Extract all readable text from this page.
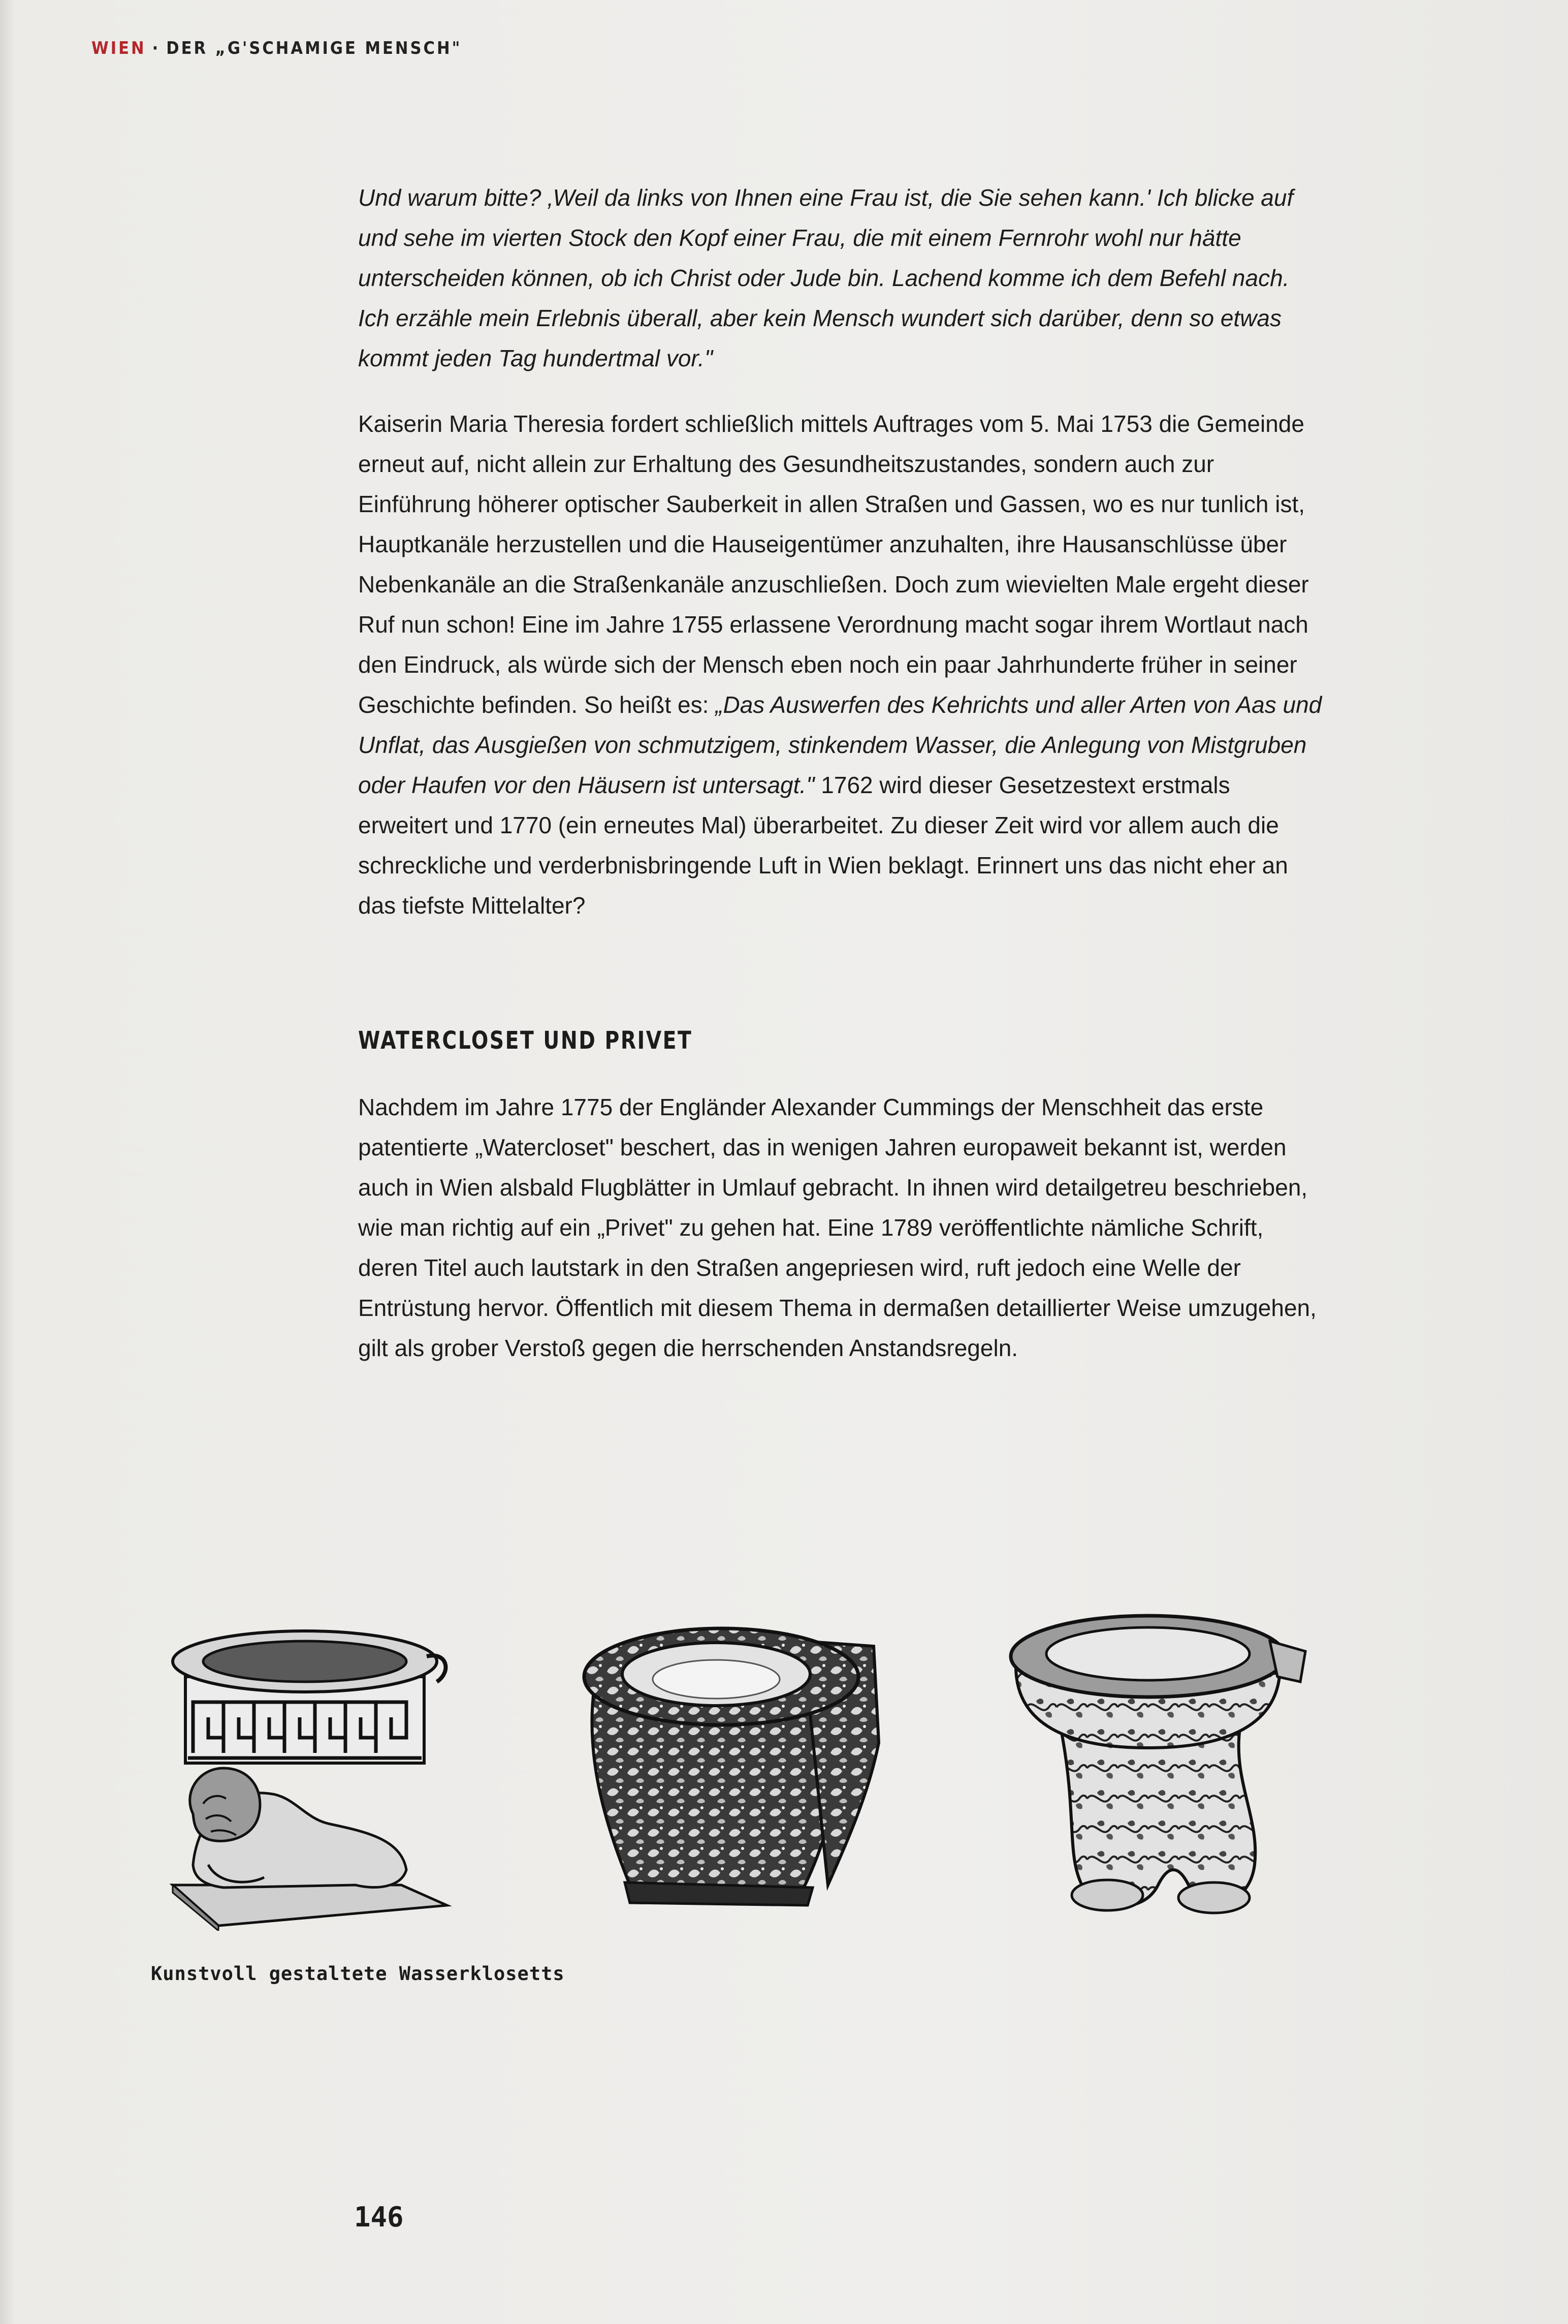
WIEN · DER „G'SCHAMIGE MENSCH"

Und warum bitte? ‚Weil da links von Ihnen eine Frau ist, die Sie sehen kann.' Ich blicke auf und sehe im vierten Stock den Kopf einer Frau, die mit einem Fernrohr wohl nur hätte unterscheiden können, ob ich Christ oder Jude bin. Lachend komme ich dem Befehl nach. Ich erzähle mein Erlebnis überall, aber kein Mensch wundert sich darüber, denn so etwas kommt jeden Tag hundertmal vor."

Kaiserin Maria Theresia fordert schließlich mittels Auftrages vom 5. Mai 1753 die Gemeinde erneut auf, nicht allein zur Erhaltung des Gesundheitszustandes, sondern auch zur Einführung höherer optischer Sauberkeit in allen Straßen und Gassen, wo es nur tunlich ist, Hauptkanäle herzustellen und die Hauseigentümer anzuhalten, ihre Hausanschlüsse über Nebenkanäle an die Straßenkanäle anzuschließen. Doch zum wievielten Male ergeht dieser Ruf nun schon! Eine im Jahre 1755 erlassene Verordnung macht sogar ihrem Wortlaut nach den Eindruck, als würde sich der Mensch eben noch ein paar Jahrhunderte früher in seiner Geschichte befinden. So heißt es: „Das Auswerfen des Kehrichts und aller Arten von Aas und Unflat, das Ausgießen von schmutzigem, stinkendem Wasser, die Anlegung von Mistgruben oder Haufen vor den Häusern ist untersagt." 1762 wird dieser Gesetzestext erstmals erweitert und 1770 (ein erneutes Mal) überarbeitet. Zu dieser Zeit wird vor allem auch die schreckliche und verderbnisbringende Luft in Wien beklagt. Erinnert uns das nicht eher an das tiefste Mittelalter?

WATERCLOSET UND PRIVET

Nachdem im Jahre 1775 der Engländer Alexander Cummings der Menschheit das erste patentierte „Watercloset" beschert, das in wenigen Jahren europaweit bekannt ist, werden auch in Wien alsbald Flugblätter in Umlauf gebracht. In ihnen wird detailgetreu beschrieben, wie man richtig auf ein „Privet" zu gehen hat. Eine 1789 veröffentlichte nämliche Schrift, deren Titel auch lautstark in den Straßen angepriesen wird, ruft jedoch eine Welle der Entrüstung hervor. Öffentlich mit diesem Thema in dermaßen detaillierter Weise umzugehen, gilt als grober Verstoß gegen die herrschenden Anstandsregeln.

Kunstvoll gestaltete Wasserklosetts
146
